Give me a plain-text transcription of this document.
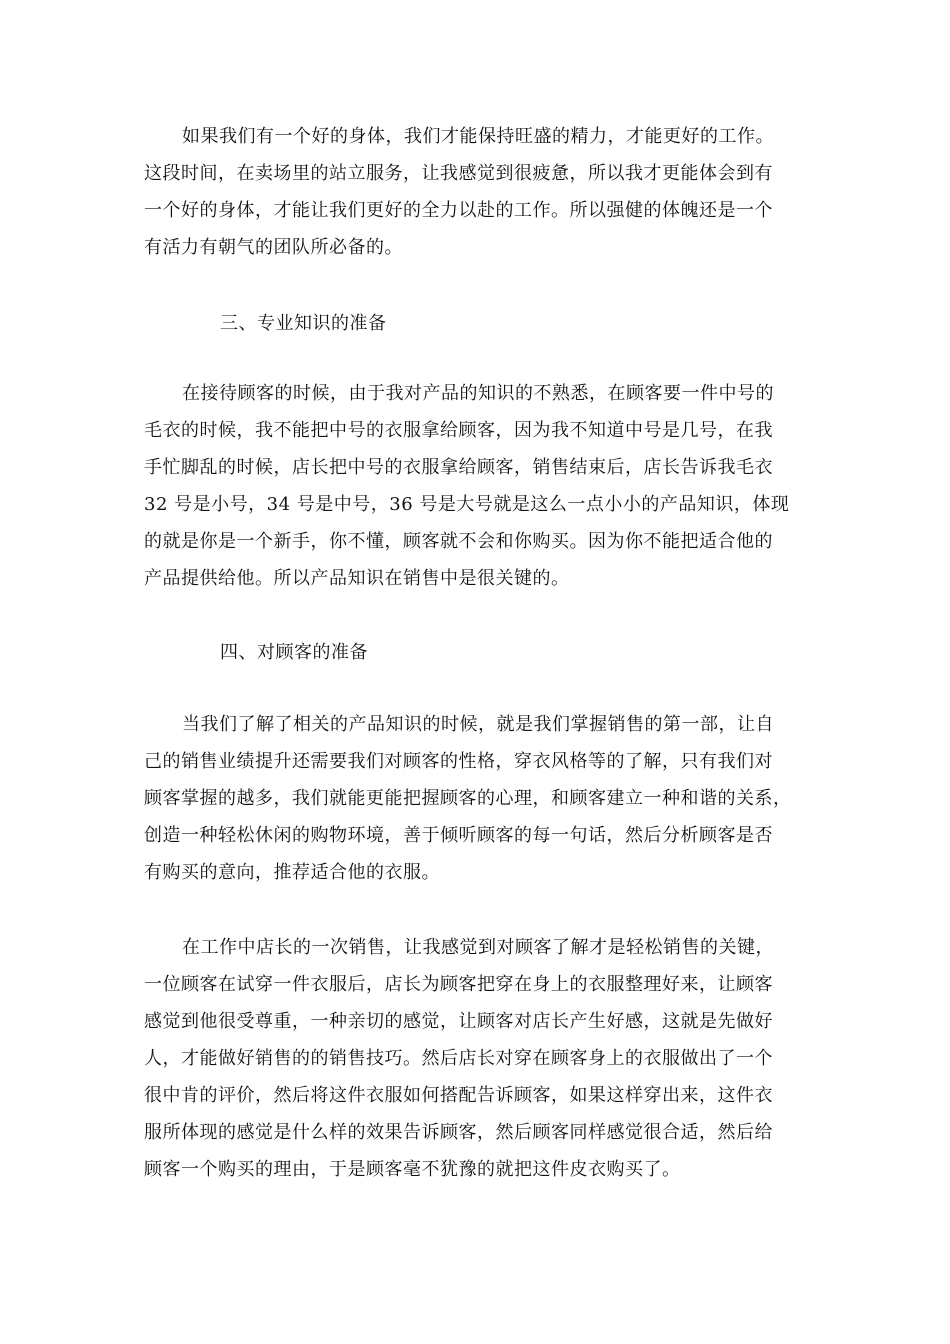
如果我们有一个好的身体，我们才能保持旺盛的精力，才能更好的工作。
这段时间，在卖场里的站立服务，让我感觉到很疲惫，所以我才更能体会到有
一个好的身体，才能让我们更好的全力以赴的工作。所以强健的体魄还是一个
有活力有朝气的团队所必备的。
三、专业知识的准备
在接待顾客的时候，由于我对产品的知识的不熟悉，在顾客要一件中号的
毛衣的时候，我不能把中号的衣服拿给顾客，因为我不知道中号是几号，在我
手忙脚乱的时候，店长把中号的衣服拿给顾客，销售结束后，店长告诉我毛衣
32 号是小号，34 号是中号，36 号是大号就是这么一点小小的产品知识，体现
的就是你是一个新手，你不懂，顾客就不会和你购买。因为你不能把适合他的
产品提供给他。所以产品知识在销售中是很关键的。
四、对顾客的准备
当我们了解了相关的产品知识的时候，就是我们掌握销售的第一部，让自
己的销售业绩提升还需要我们对顾客的性格，穿衣风格等的了解，只有我们对
顾客掌握的越多，我们就能更能把握顾客的心理，和顾客建立一种和谐的关系，
创造一种轻松休闲的购物环境，善于倾听顾客的每一句话，然后分析顾客是否
有购买的意向，推荐适合他的衣服。
在工作中店长的一次销售，让我感觉到对顾客了解才是轻松销售的关键，
一位顾客在试穿一件衣服后，店长为顾客把穿在身上的衣服整理好来，让顾客
感觉到他很受尊重，一种亲切的感觉，让顾客对店长产生好感，这就是先做好
人，才能做好销售的的销售技巧。然后店长对穿在顾客身上的衣服做出了一个
很中肯的评价，然后将这件衣服如何搭配告诉顾客，如果这样穿出来，这件衣
服所体现的感觉是什么样的效果告诉顾客，然后顾客同样感觉很合适，然后给
顾客一个购买的理由，于是顾客毫不犹豫的就把这件皮衣购买了。
